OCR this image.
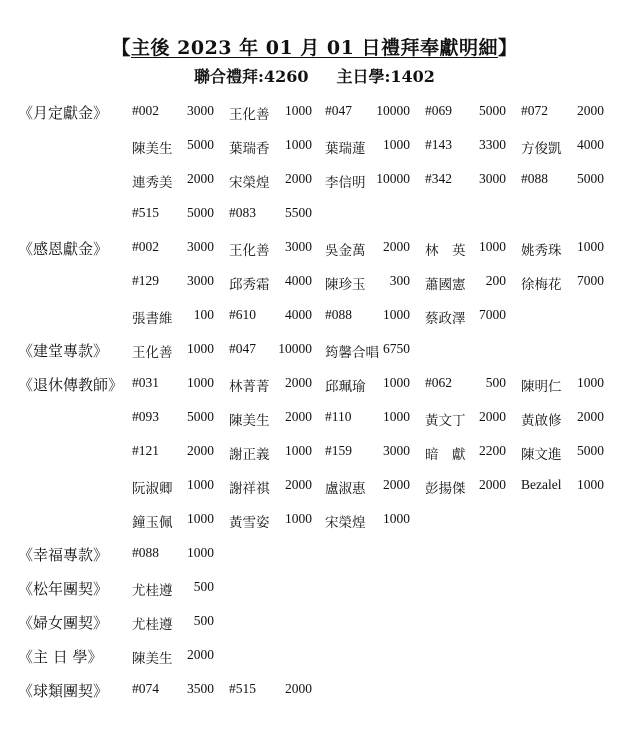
【主後 2023 年 01 月 01 日禮拜奉獻明細】
聯合禮拜:4260 主日學:1402
《月定獻金》 #002	3000 王化善	1000 #047	10000 #069	5000 #072	2000
陳美生	5000 葉瑞香	1000 葉瑞蓮	1000 #143	3300 方俊凱	4000
連秀美	2000 宋榮煌	2000 李信明 10000 #342	3000 #088	5000
#515	5000 #083	5500
《感恩獻金》 #002	3000 王化善	3000 吳金萬	2000 林　英	1000 姚秀珠	1000
#129	3000 邱秀霜	4000 陳珍玉	300 蕭國憲	200 徐梅花	7000
張書維	100 #610	4000 #088	1000 蔡政澤	7000
《建堂專款》 王化善	1000 #047	10000 筠馨合唱 6750
《退休傳教師》 #031	1000 林菁菁	2000 邱珮瑜	1000 #062	500 陳明仁	1000
#093	5000 陳美生	2000 #110	1000 黃文丁	2000 黃啟修	2000
#121	2000 謝正義	1000 #159	3000 暗　獻	2200 陳文進	5000
阮淑卿	1000 謝祥祺	2000 盧淑惠	2000 彭揚傑	2000 Bezalel	1000
鐘玉佩	1000 黃雪姿	1000 宋榮煌	1000
《幸福專款》 #088	1000
《松年團契》 尤桂遵	500
《婦女團契》 尤桂遵	500
《主 日 學》 陳美生	2000
《球類團契》 #074	3500 #515	2000
